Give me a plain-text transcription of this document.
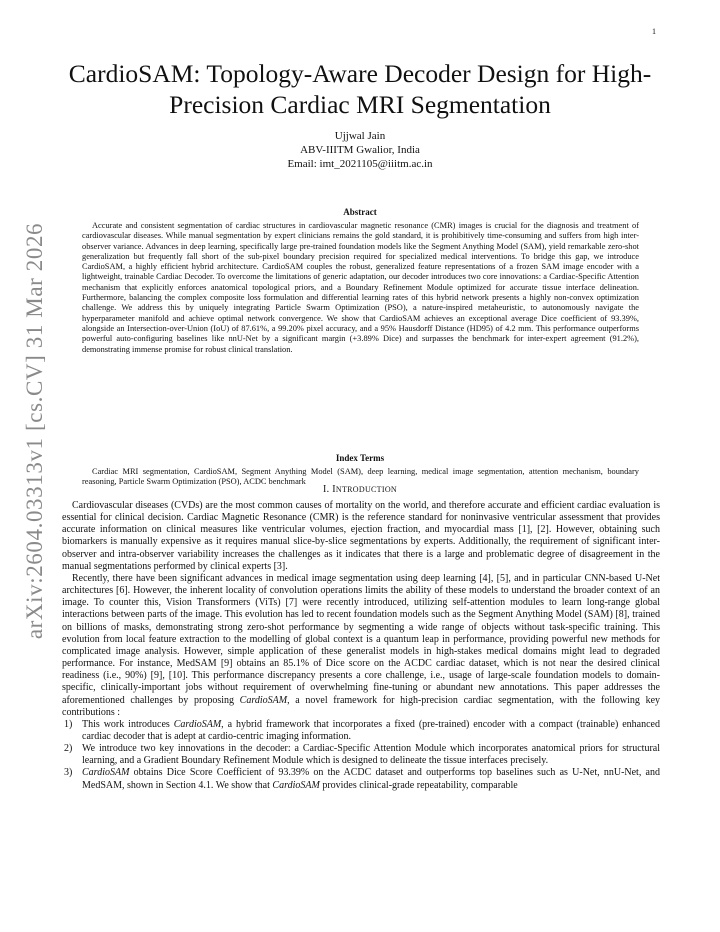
1
arXiv:2604.03313v1 [cs.CV] 31 Mar 2026
CardioSAM: Topology-Aware Decoder Design for High-Precision Cardiac MRI Segmentation
Ujjwal Jain
ABV-IIITM Gwalior, India
Email: imt_2021105@iiitm.ac.in
Abstract
Accurate and consistent segmentation of cardiac structures in cardiovascular magnetic resonance (CMR) images is crucial for the diagnosis and treatment of cardiovascular diseases. While manual segmentation by expert clinicians remains the gold standard, it is prohibitively time-consuming and suffers from high inter-observer variance. Advances in deep learning, specifically large pre-trained foundation models like the Segment Anything Model (SAM), yield remarkable zero-shot generalization but frequently fall short of the sub-pixel boundary precision required for specialized medical interventions. To bridge this gap, we introduce CardioSAM, a highly efficient hybrid architecture. CardioSAM couples the robust, generalized feature representations of a frozen SAM image encoder with a lightweight, trainable Cardiac Decoder. To overcome the limitations of generic adaptation, our decoder introduces two core innovations: a Cardiac-Specific Attention mechanism that explicitly enforces anatomical topological priors, and a Boundary Refinement Module optimized for accurate tissue interface delineation. Furthermore, balancing the complex composite loss formulation and differential learning rates of this hybrid network presents a highly non-convex optimization challenge. We address this by uniquely integrating Particle Swarm Optimization (PSO), a nature-inspired metaheuristic, to autonomously navigate the hyperparameter manifold and achieve optimal network convergence. We show that CardioSAM achieves an exceptional average Dice coefficient of 93.39%, alongside an Intersection-over-Union (IoU) of 87.61%, a 99.20% pixel accuracy, and a 95% Hausdorff Distance (HD95) of 4.2 mm. This performance outperforms powerful auto-configuring baselines like nnU-Net by a significant margin (+3.89% Dice) and surpasses the benchmark for inter-expert agreement (91.2%), demonstrating immense promise for robust clinical translation.
Index Terms
Cardiac MRI segmentation, CardioSAM, Segment Anything Model (SAM), deep learning, medical image segmentation, attention mechanism, boundary reasoning, Particle Swarm Optimization (PSO), ACDC benchmark
I. INTRODUCTION

Cardiovascular diseases (CVDs) are the most common causes of mortality on the world, and therefore accurate and efficient cardiac evaluation is essential for clinical decision. Cardiac Magnetic Resonance (CMR) is the reference standard for noninvasive ventricular assessment that provides accurate information on clinical measures like ventricular volumes, ejection fraction, and myocardial mass [1], [2]. However, obtaining such biomarkers is manually expensive as it requires manual slice-by-slice segmentations by experts. Additionally, the requirement of significant inter-observer and intra-observer variability increases the challenges as it indicates that there is a large and problematic degree of disagreement in the manual segmentations performed by clinical experts [3].

Recently, there have been significant advances in medical image segmentation using deep learning [4], [5], and in particular CNN-based U-Net architectures [6]. However, the inherent locality of convolution operations limits the ability of these models to understand the broader context of an image. To counter this, Vision Transformers (ViTs) [7] were recently introduced, utilizing self-attention modules to learn long-range global interactions between parts of the image. This evolution has led to recent foundation models such as the Segment Anything Model (SAM) [8], trained on billions of masks, demonstrating strong zero-shot performance by segmenting a wide range of objects without task-specific training. This evolution from local feature extraction to the modelling of global context is a quantum leap in performance, providing powerful new methods for complicated image analysis. However, simple application of these generalist models in high-stakes medical domains might lead to degraded performance. For instance, MedSAM [9] obtains an 85.1% of Dice score on the ACDC cardiac dataset, which is not near the desired clinical readiness (i.e., 90%) [9], [10]. This performance discrepancy presents a core challenge, i.e., usage of large-scale foundation models to domain-specific, clinically-important jobs without requirement of overwhelming fine-tuning or abundant new annotations. This paper addresses the aforementioned challenges by proposing CardioSAM, a novel framework for high-precision cardiac segmentation, with the following key contributions :

1) This work introduces CardioSAM, a hybrid framework that incorporates a fixed (pre-trained) encoder with a compact (trainable) enhanced cardiac decoder that is adept at cardio-centric imaging information.
2) We introduce two key innovations in the decoder: a Cardiac-Specific Attention Module which incorporates anatomical priors for structural learning, and a Gradient Boundary Refinement Module which is designed to delineate the tissue interfaces precisely.
3) CardioSAM obtains Dice Score Coefficient of 93.39% on the ACDC dataset and outperforms top baselines such as U-Net, nnU-Net, and MedSAM, shown in Section 4.1. We show that CardioSAM provides clinical-grade repeatability, comparable
